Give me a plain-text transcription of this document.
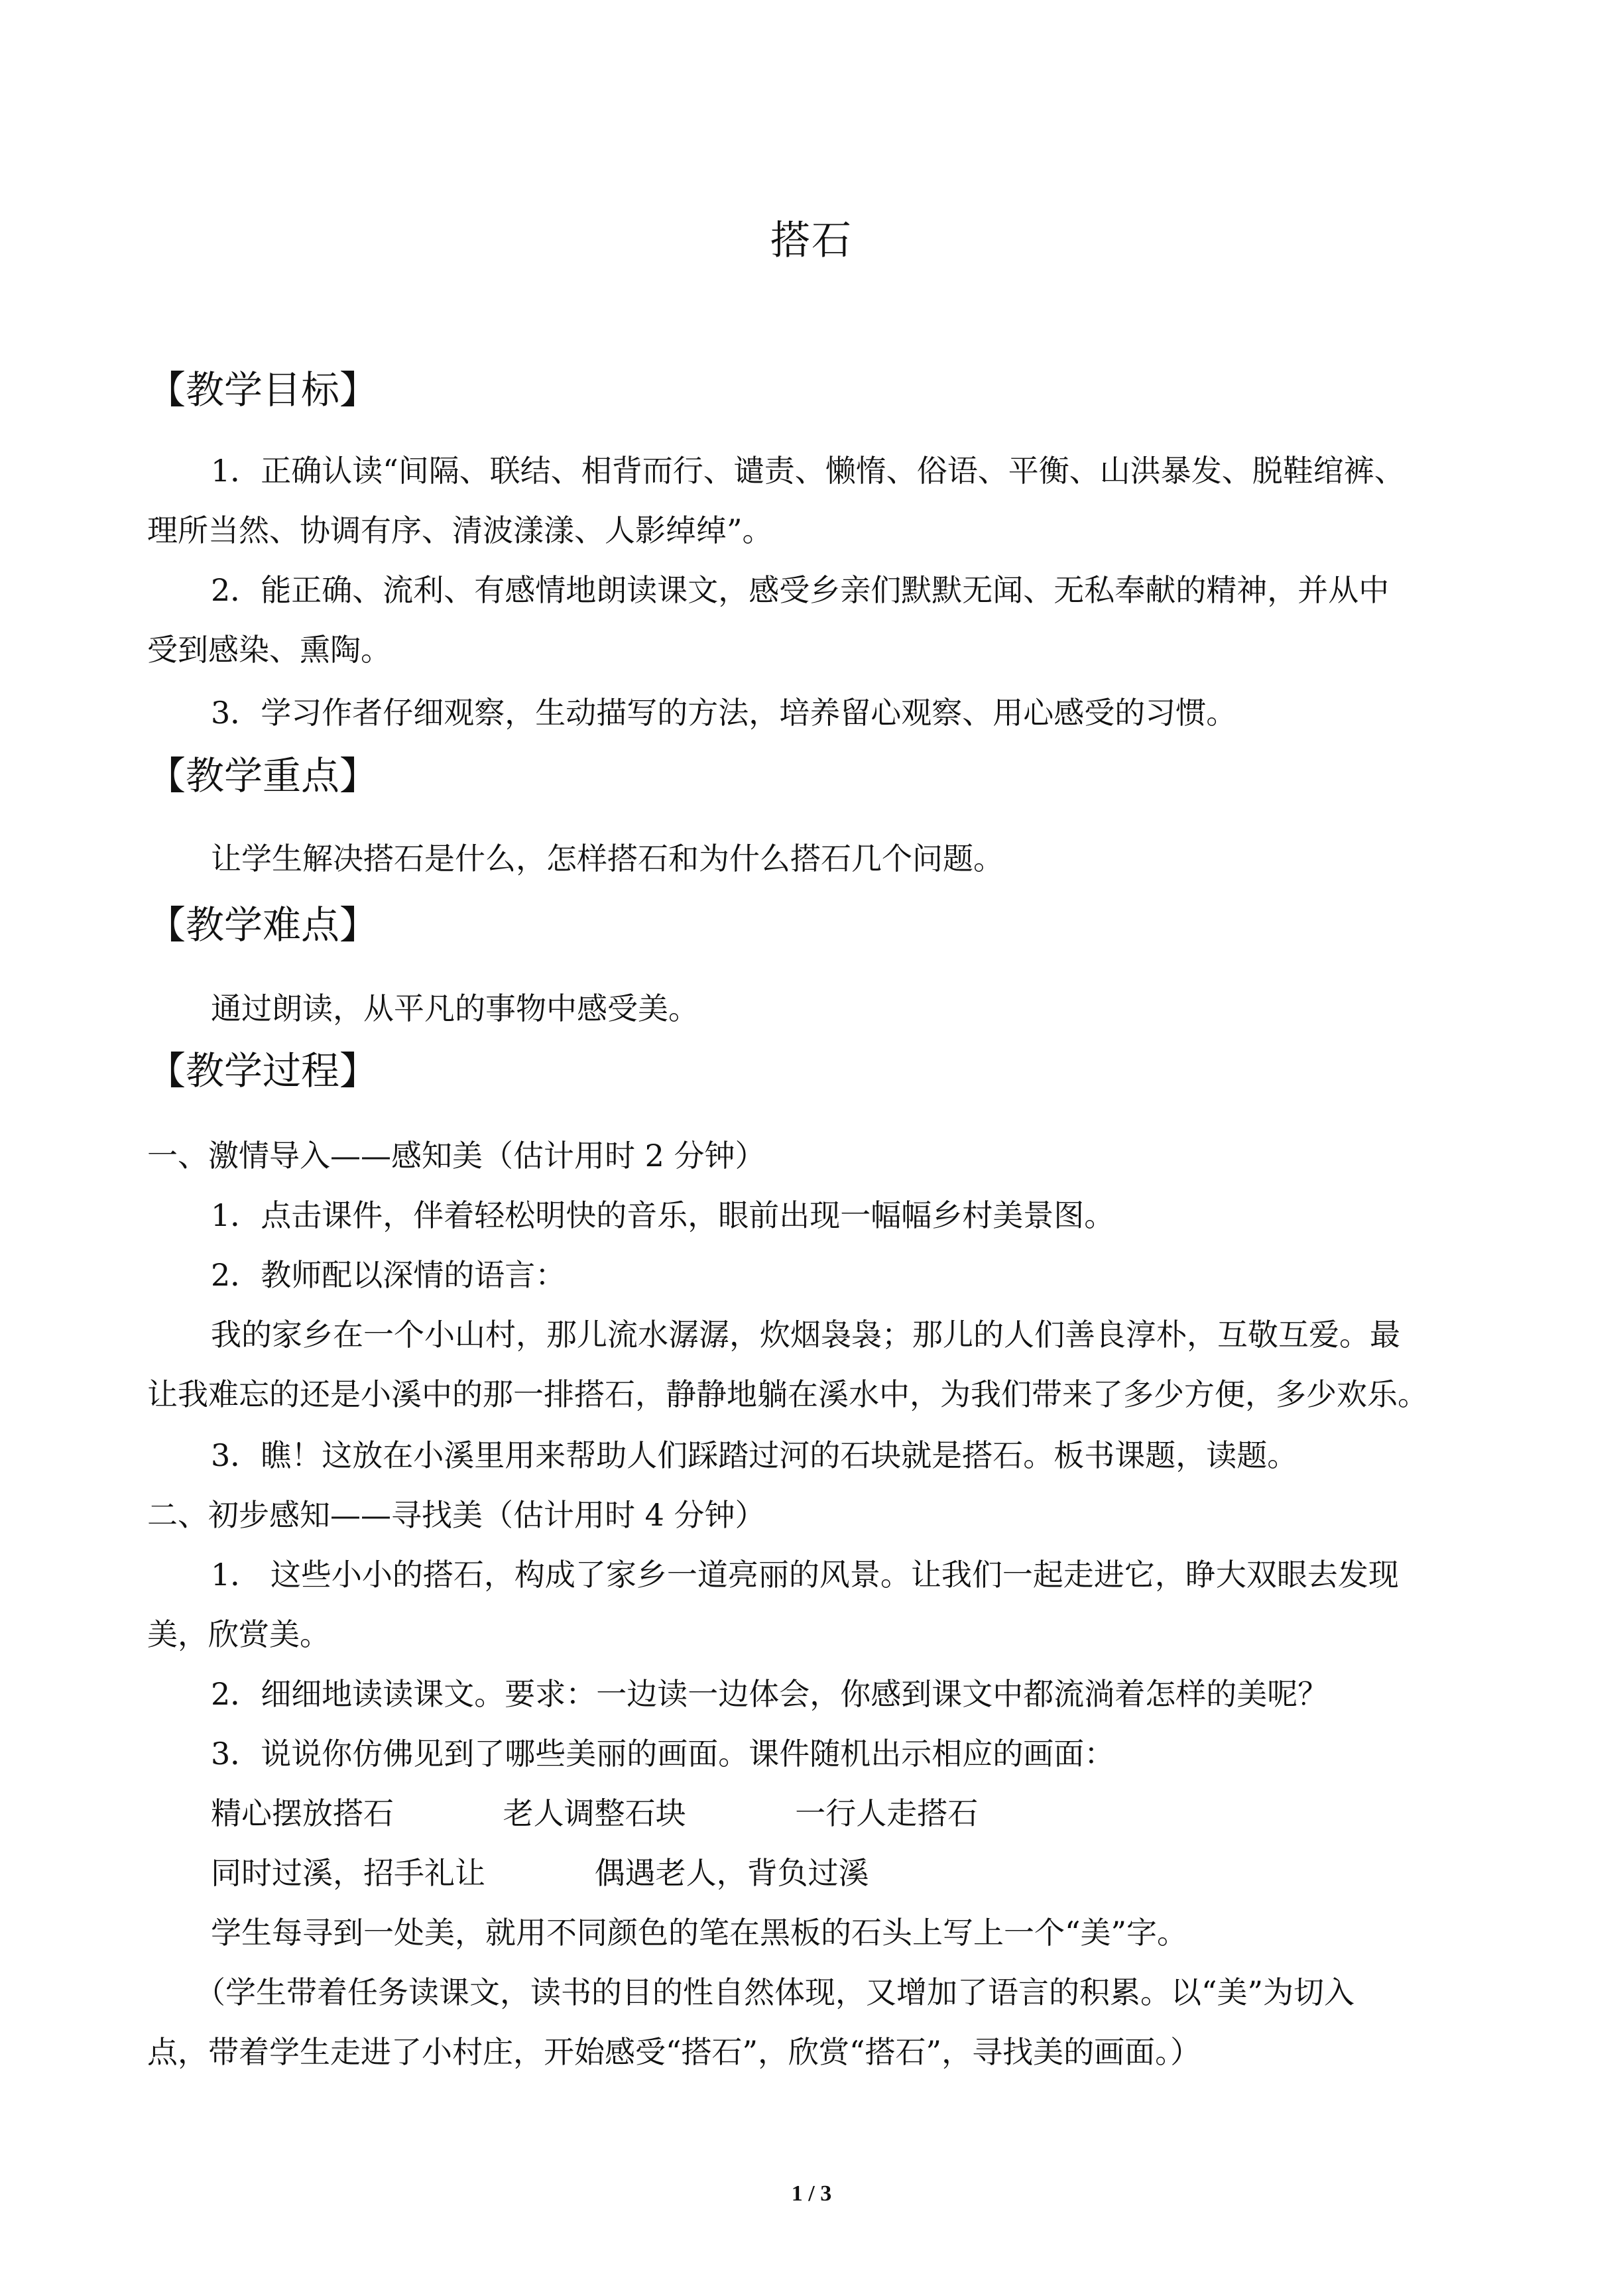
搭石
【教学目标】
1．正确认读“间隔、联结、相背而行、谴责、懒惰、俗语、平衡、山洪暴发、脱鞋绾裤、
理所当然、协调有序、清波漾漾、人影绰绰”。
2．能正确、流利、有感情地朗读课文，感受乡亲们默默无闻、无私奉献的精神，并从中
受到感染、熏陶。
3．学习作者仔细观察，生动描写的方法，培养留心观察、用心感受的习惯。
【教学重点】
让学生解决搭石是什么，怎样搭石和为什么搭石几个问题。
【教学难点】
通过朗读，从平凡的事物中感受美。
【教学过程】
一、激情导入——感知美（估计用时 2 分钟）
1．点击课件，伴着轻松明快的音乐，眼前出现一幅幅乡村美景图。
2．教师配以深情的语言：
我的家乡在一个小山村，那儿流水潺潺，炊烟袅袅；那儿的人们善良淳朴，互敬互爱。最
让我难忘的还是小溪中的那一排搭石，静静地躺在溪水中，为我们带来了多少方便，多少欢乐。
3．瞧！这放在小溪里用来帮助人们踩踏过河的石块就是搭石。板书课题，读题。
二、初步感知——寻找美（估计用时 4 分钟）
1． 这些小小的搭石，构成了家乡一道亮丽的风景。让我们一起走进它，睁大双眼去发现
美，欣赏美。
2．细细地读读课文。要求：一边读一边体会，你感到课文中都流淌着怎样的美呢？
3．说说你仿佛见到了哪些美丽的画面。课件随机出示相应的画面：
精心摆放搭石	老人调整石块	一行人走搭石
同时过溪，招手礼让	偶遇老人，背负过溪
学生每寻到一处美，就用不同颜色的笔在黑板的石头上写上一个“美”字。
（学生带着任务读课文，读书的目的性自然体现，又增加了语言的积累。以“美”为切入
点，带着学生走进了小村庄，开始感受“搭石”，欣赏“搭石”，寻找美的画面。）
1 / 3
